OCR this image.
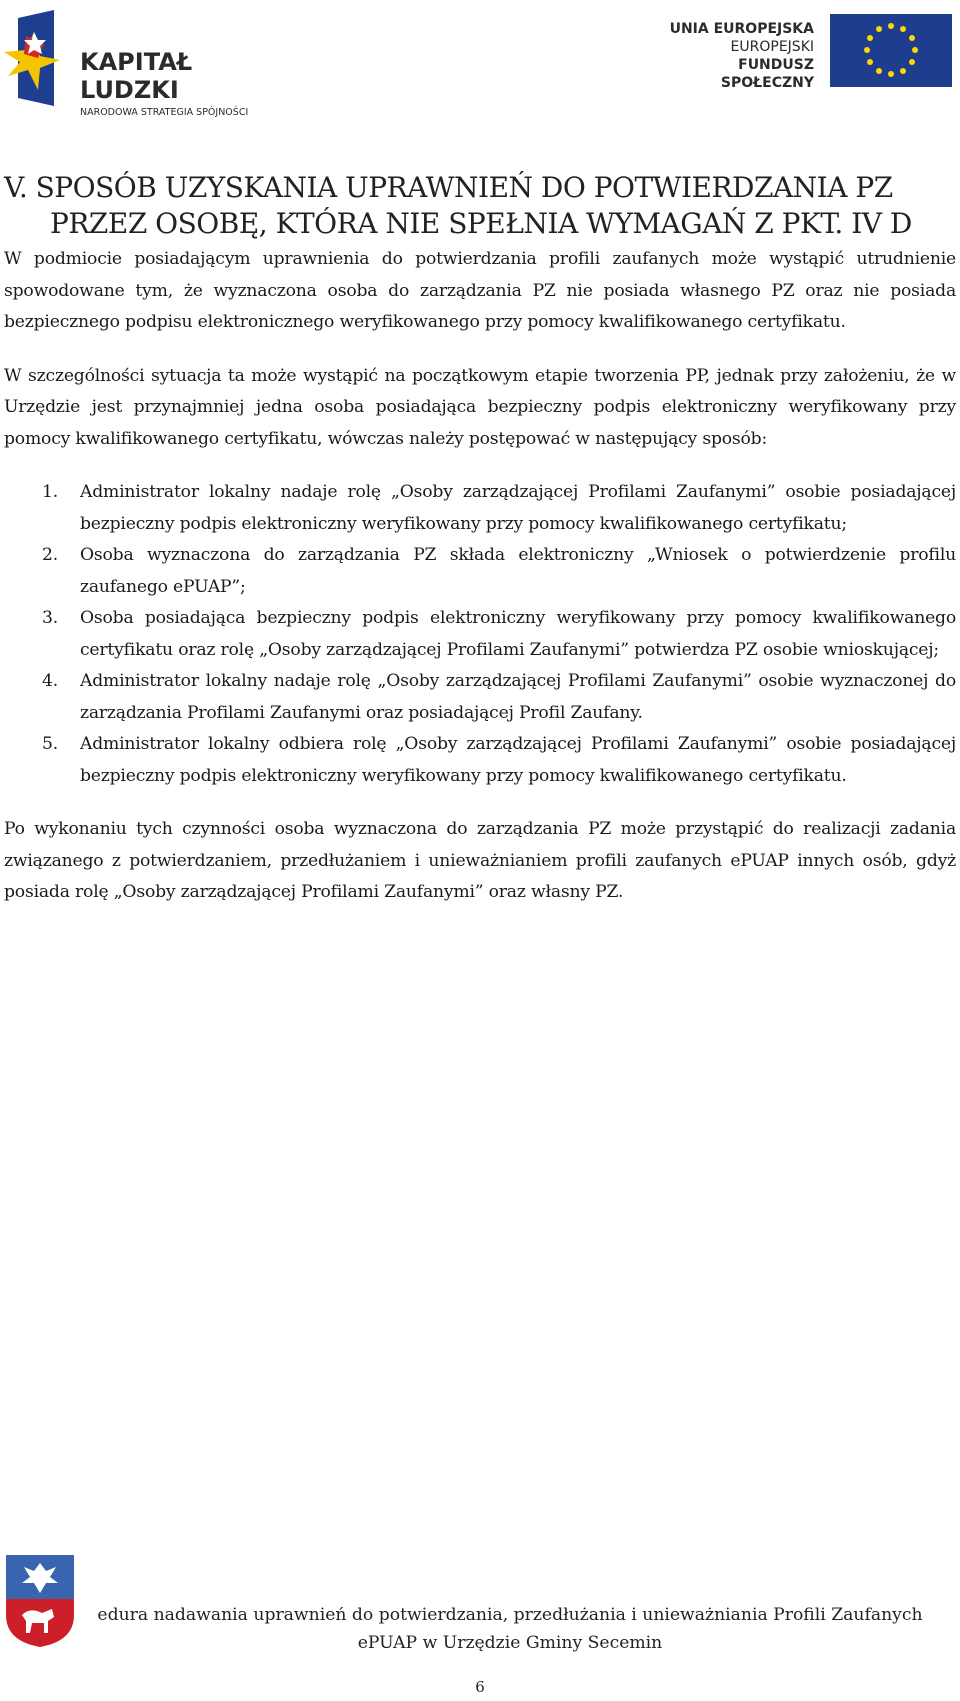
KAPITAŁ LUDZKI
NARODOWA STRATEGIA SPÓJNOŚCI
UNIA EUROPEJSKA
EUROPEJSKI
FUNDUSZ SPOŁECZNY
V. SPOSÓB UZYSKANIA UPRAWNIEŃ DO POTWIERDZANIA PZ
PRZEZ OSOBĘ, KTÓRA NIE SPEŁNIA WYMAGAŃ Z PKT. IV D

W podmiocie posiadającym uprawnienia do potwierdzania profili zaufanych może wystąpić utrudnienie spowodowane tym, że wyznaczona osoba do zarządzania PZ nie posiada własnego PZ oraz nie posiada bezpiecznego podpisu elektronicznego weryfikowanego przy pomocy kwalifikowanego certyfikatu.

W szczególności sytuacja ta może wystąpić na początkowym etapie tworzenia PP, jednak przy założeniu, że w Urzędzie jest przynajmniej jedna osoba posiadająca bezpieczny podpis elektroniczny weryfikowany przy pomocy kwalifikowanego certyfikatu, wówczas należy postępować w następujący sposób:

1. Administrator lokalny nadaje rolę „Osoby zarządzającej Profilami Zaufanymi” osobie posiadającej bezpieczny podpis elektroniczny weryfikowany przy pomocy kwalifikowanego certyfikatu;
2. Osoba wyznaczona do zarządzania PZ składa elektroniczny „Wniosek o potwierdzenie profilu zaufanego ePUAP”;
3. Osoba posiadająca bezpieczny podpis elektroniczny weryfikowany przy pomocy kwalifikowanego certyfikatu oraz rolę „Osoby zarządzającej Profilami Zaufanymi” potwierdza PZ osobie wnioskującej;
4. Administrator lokalny nadaje rolę „Osoby zarządzającej Profilami Zaufanymi” osobie wyznaczonej do zarządzania Profilami Zaufanymi oraz posiadającej Profil Zaufany.
5. Administrator lokalny odbiera rolę „Osoby zarządzającej Profilami Zaufanymi” osobie posiadającej bezpieczny podpis elektroniczny weryfikowany przy pomocy kwalifikowanego certyfikatu.

Po wykonaniu tych czynności osoba wyznaczona do zarządzania PZ może przystąpić do realizacji zadania związanego z potwierdzaniem, przedłużaniem i unieważnianiem profili zaufanych ePUAP innych osób, gdyż posiada rolę „Osoby zarządzającej Profilami Zaufanymi” oraz własny PZ.

edura nadawania uprawnień do potwierdzania, przedłużania i unieważniania Profili Zaufanych
ePUAP w Urzędzie Gminy Secemin
6
